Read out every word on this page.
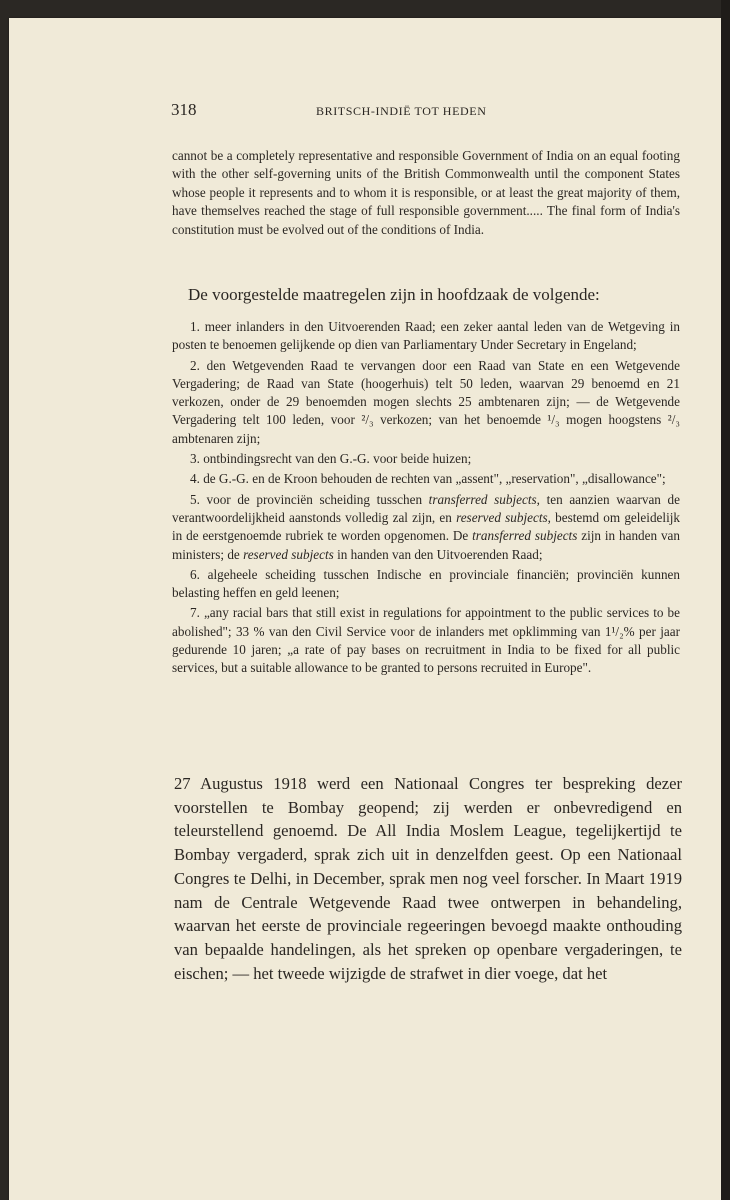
318	BRITSCH-INDIË TOT HEDEN

cannot be a completely representative and responsible Government of India on an equal footing with the other self-governing units of the British Commonwealth until the component States whose people it represents and to whom it is responsible, or at least the great majority of them, have themselves reached the stage of full responsible government..... The final form of India's constitution must be evolved out of the conditions of India.

De voorgestelde maatregelen zijn in hoofdzaak de volgende:

1. meer inlanders in den Uitvoerenden Raad; een zeker aantal leden van de Wetgeving in posten te benoemen gelijkende op dien van Parliamentary Under Secretary in Engeland;

2. den Wetgevenden Raad te vervangen door een Raad van State en een Wetgevende Vergadering; de Raad van State (hoogerhuis) telt 50 leden, waarvan 29 benoemd en 21 verkozen, onder de 29 benoemden mogen slechts 25 ambtenaren zijn; — de Wetgevende Vergadering telt 100 leden, voor ²/₃ verkozen; van het benoemde ¹/₃ mogen hoogstens ²/₃ ambtenaren zijn;

3. ontbindingsrecht van den G.-G. voor beide huizen;

4. de G.-G. en de Kroon behouden de rechten van „assent", „reservation", „disallowance";

5. voor de provinciën scheiding tusschen transferred subjects, ten aanzien waarvan de verantwoordelijkheid aanstonds volledig zal zijn, en reserved subjects, bestemd om geleidelijk in de eerstgenoemde rubriek te worden opgenomen. De transferred subjects zijn in handen van ministers; de reserved subjects in handen van den Uitvoerenden Raad;

6. algeheele scheiding tusschen Indische en provinciale financiën; provinciën kunnen belasting heffen en geld leenen;

7. „any racial bars that still exist in regulations for appointment to the public services to be abolished"; 33 % van den Civil Service voor de inlanders met opklimming van 1¹/₂% per jaar gedurende 10 jaren; „a rate of pay bases on recruitment in India to be fixed for all public services, but a suitable allowance to be granted to persons recruited in Europe".

27 Augustus 1918 werd een Nationaal Congres ter bespreking dezer voorstellen te Bombay geopend; zij werden er onbevredigend en teleurstellend genoemd. De All India Moslem League, tegelijkertijd te Bombay vergaderd, sprak zich uit in denzelfden geest. Op een Nationaal Congres te Delhi, in December, sprak men nog veel forscher. In Maart 1919 nam de Centrale Wetgevende Raad twee ontwerpen in behandeling, waarvan het eerste de provinciale regeeringen bevoegd maakte onthouding van bepaalde handelingen, als het spreken op openbare vergaderingen, te eischen; — het tweede wijzigde de strafwet in dier voege, dat het
